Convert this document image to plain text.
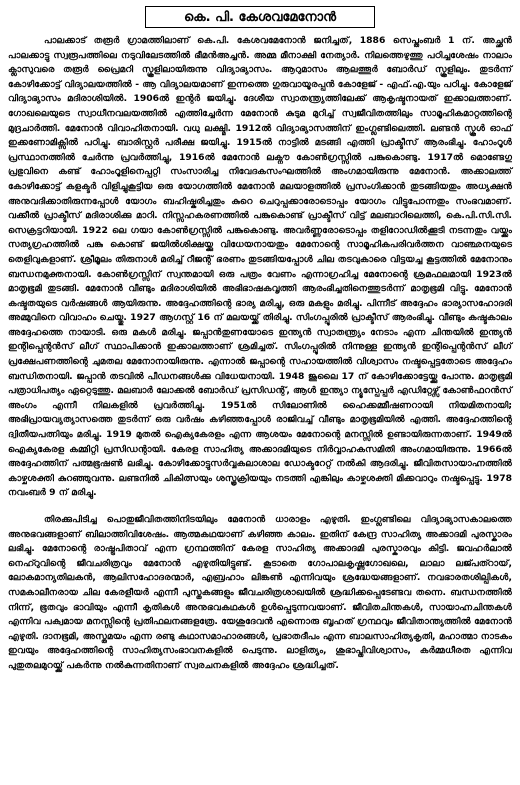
കെ. പി. കേശവമേനോൻ

പാലക്കാട് തരൂർ ഗ്രാമത്തിലാണ് കെ.പി. കേശവമേനോൻ ജനിച്ചത്, 1886 സെപ്തംബർ 1 ന്. അച്ഛൻ പാലക്കാട്ടു സ്വരൂപത്തിലെ നടുവിലേടത്തിൽ ഭീമൻഅച്ചൻ. അമ്മ മീനാക്ഷി നേത്യാർ. നിലത്തെഴുത്തു പഠിച്ചശേഷം നാലാം ക്ലാസുവരെ തരൂർ പ്രൈമറി സ്കൂളിലായിരുന്നു വിദ്യാഭ്യാസം. ആറുമാസം ആലത്തൂർ ബോർഡ് സ്കൂളിലും. തുടർന്ന് കോഴിക്കോട്ട് വിദ്യാലയത്തിൽ - ആ വിദ്യാലയമാണ് ഇന്നത്തെ ഗുരുവായൂരപ്പൻ കോളേജ് - എഫ്.എ.യും പഠിച്ചു. കോളേജ് വിദ്യാഭ്യാസം മദിരാശിയിൽ. 1906ൽ ഇന്റർ ജയിച്ചു. ദേശീയ സ്വാതന്ത്ര്യത്തിലേക്ക് ആകൃഷ്ടനായത് ഇക്കാലത്താണ്. ഗോഖലെയുടെ സ്വാധീനവലയത്തിൽ എത്തിച്ചേർന്ന മേനോൻ കുടുമ മുറിച്ച് സ്വജീവിതത്തിലും സാമൂഹികമാറ്റത്തിന്റെ മുദ്രചാർത്തി. മേനോൻ വിവാഹിതനായി. വധു ലക്ഷ്മി. 1912ൽ വിദ്യാഭ്യാസത്തിന് ഇംഗ്ലണ്ടിലെത്തി. ലണ്ടൻ സ്കൂൾ ഓഫ് ഇക്കണോമിക്സിൽ പഠിച്ചു. ബാരിസ്റ്റർ പരീക്ഷ ജയിച്ചു. 1915ൽ നാട്ടിൽ മടങ്ങി എത്തി പ്രാക്ടീസ് ആരംഭിച്ചു. ഹോംറൂൾ പ്രസ്ഥാനത്തിൽ ചേർന്നു പ്രവർത്തിച്ചു, 1916ൽ മേനോൻ ലക്നൗ കോൺഗ്രസ്സിൽ പങ്കുകൊണ്ടു. 1917ൽ മൊണ്ടേഗു പ്രഭുവിനെ കണ്ട് ഹോംറൂളിനെപ്പറ്റി സംസാരിച്ച നിവേദകസംഘത്തിൽ അംഗമായിരുന്നു മേനോൻ. അക്കാലത്ത് കോഴിക്കോട്ട് കളക്ടർ വിളിച്ചുകൂട്ടിയ ഒരു യോഗത്തിൽ മേനോൻ മലയാളത്തിൽ പ്രസംഗിക്കാൻ തുടങ്ങിയതും അധ്യക്ഷൻ അനുവദിക്കാതിരുന്നപ്പോൾ യോഗം ബഹിഷ്കരിച്ചതും കുറെ ചെറുപ്പക്കാരോടൊപ്പം യോഗം വിട്ടുപോന്നതും സംഭവമാണ്. വക്കീൽ പ്രാക്ടീസ് മദിരാശിക്കു മാറി. നിസ്സഹകരണത്തിൽ പങ്കുകൊണ്ട് പ്രാക്ടീസ് വിട്ട് മലബാറിലെത്തി, കെ.പി.സി.സി. സെക്രട്ടറിയായി. 1922 ലെ ഗയാ കോൺഗ്രസ്സിൽ പങ്കുകൊണ്ടു. അവർണ്ണരോടൊപ്പം തളിറോഡിൽക്കൂടി നടന്നതും വയ്ക്കം സത്യഗ്രഹത്തിൽ പങ്കു കൊണ്ട് ജയിൽശിക്ഷയ്ക്കു വിധേയനായതും മേനോന്റെ സാമൂഹികപരിവർത്തന വാഞ്ഛനയുടെ തെളിവുകളാണ്. ശ്രീമൂലം തിരുനാൾ മരിച്ച് റീജന്റ് ഭരണം തുടങ്ങിയപ്പോൾ ചില തടവുകാരെ വിട്ടയച്ച കൂട്ടത്തിൽ മേനോനും ബന്ധനമുക്തനായി. കോൺഗ്രസ്സിന് സ്വന്തമായി ഒരു പത്രം വേണം എന്നാഗ്രഹിച്ച മേനോന്റെ ശ്രമഫലമായി 1923ൽ മാതൃഭൂമി തുടങ്ങി. മേനോൻ വീണ്ടും മദിരാശിയിൽ അഭിഭാഷകവൃത്തി ആരംഭിച്ചതിനെത്തുടർന്ന് മാതൃഭൂമി വിട്ടു. മേനോൻ കഷ്ടതയുടെ വർഷങ്ങൾ ആയിരുന്നു. അദ്ദേഹത്തിന്റെ ഭാര്യ മരിച്ചു, ഒരു മകളും മരിച്ചു. പിന്നീട് അദ്ദേഹം ഭാര്യാസഹോദരി അമ്മുവിനെ വിവാഹം ചെയ്തു. 1927 ആഗസ്റ്റ് 16 ന് മലയയ്ക്ക് തിരിച്ചു. സിംഗപ്പൂരിൽ പ്രാക്ടീസ് ആരംഭിച്ചു. വീണ്ടും കഷ്ടകാലം അദ്ദേഹത്തെ നായാടി. ഒരു മകൾ മരിച്ചു. ജപ്പാൻതുണയോടെ ഇന്ത്യൻ സ്വാതന്ത്ര്യം നേടാം എന്ന ചിന്തയിൽ ഇന്ത്യൻ ഇന്റിപ്പെന്റൻസ് ലീഗ് സ്ഥാപിക്കാൻ ഇക്കാലത്താണ് ശ്രമിച്ചത്. സിംഗപ്പൂരിൽ നിന്നുള്ള ഇന്ത്യൻ ഇന്റിപ്പെന്റൻസ് ലീഗ് പ്രക്ഷേപണത്തിന്റെ ചുമതല മേനോനായിരുന്നു. എന്നാൽ ജപ്പാന്റെ സഹായത്തിൽ വിശ്വാസം നഷ്ടപ്പെട്ടതോടെ അദ്ദേഹം ബന്ധിതനായി. ജപ്പാൻ തടവിൽ പീഡനങ്ങൾക്കു വിധേയനായി. 1948 ജൂലൈ 17 ന് കോഴിക്കോട്ടേയ്ക്കു പോന്നു. മാതൃഭൂമി പത്രാധിപത്യം ഏറ്റെടുത്തു. മലബാർ ലോക്കൽ ബോർഡ് പ്രസിഡന്റ്, ആൾ ഇന്ത്യാ ന്യൂസ്പേപ്പർ എഡിറ്റേഴ്സ് കോൺഫറൻസ് അംഗം എന്നീ നിലകളിൽ പ്രവർത്തിച്ചു. 1951ൽ സിലോണിൽ ഹൈക്കമ്മീഷണറായി നിയമിതനായി; അഭിപ്രായവ്യത്യാസത്തെ തുടർന്ന് ഒരു വർഷം കഴിഞ്ഞപ്പോൾ രാജിവച്ച് വീണ്ടും മാതൃഭൂമിയിൽ എത്തി. അദ്ദേഹത്തിന്റെ ദ്വിതീയപത്നിയും മരിച്ചു. 1919 മുതൽ ഐക്യകേരളം എന്ന ആശയം മേനോന്റെ മനസ്സിൽ ഉണ്ടായിരുന്നതാണ്. 1949ൽ ഐക്യകേരള കമ്മിറ്റി പ്രസിഡന്റായി. കേരള സാഹിത്യ അക്കാദമിയുടെ നിർവ്വാഹകസമിതി അംഗമായിരുന്നു. 1966ൽ അദ്ദേഹത്തിന് പത്മഭൂഷൺ ലഭിച്ചു. കോഴിക്കോട്ടുസർവ്വകലാശാല ഡോക്ടറേറ്റ് നൽകി ആദരിച്ചു. ജീവിതസായാഹ്നത്തിൽ കാഴ്ചശക്തി കുറഞ്ഞുവന്നു. ലണ്ടനിൽ ചികിത്സയും ശസ്ത്രക്രിയയും നടത്തി എങ്കിലും കാഴ്ചശക്തി മിക്കവാറും നഷ്ടപ്പെട്ടു. 1978 നവംബർ 9 ന് മരിച്ചു.

തിരക്കുപിടിച്ച പൊതുജീവിതത്തിനിടയിലും മേനോൻ ധാരാളം എഴുതി. ഇംഗ്ലണ്ടിലെ വിദ്യാഭ്യാസകാലത്തെ അനുഭവങ്ങളാണ് ബിലാത്തിവിശേഷം. ആത്മകഥയാണ് കഴിഞ്ഞ കാലം. ഇതിന് കേന്ദ്ര സാഹിത്യ അക്കാദമി പുരസ്കാരം ലഭിച്ചു. മേനോന്റെ രാഷ്ട്രപിതാവ് എന്ന ഗ്രന്ഥത്തിന് കേരള സാഹിത്യ അക്കാദമി പുരസ്കാരവും കിട്ടി. ജവഹർലാൽ നെഹ്റുവിന്റെ ജീവചരിത്രവും മേനോൻ എഴുതിയിട്ടുണ്ട്. കൂടാതെ ഗോപാലകൃഷ്ണഗോഖലെ, ലാലാ ലജ്പത്റായ്, ലോകമാന്യതിലകൻ, ആലിസഹോദരന്മാർ, എബ്രഹാം ലിങ്കൺ എന്നിവയും ശ്രദ്ധേയങ്ങളാണ്. നവഭാരതശില്പികൾ, സമകാലീനരായ ചില കേരളീയർ എന്നീ പുസ്തകങ്ങളും ജീവചരിത്രശാഖയിൽ ശ്രദ്ധിക്കപ്പെടേണ്ടവ തന്നെ. ബന്ധനത്തിൽ നിന്ന്, ഭൂതവും ഭാവിയും എന്നീ കൃതികൾ അനുഭവകഥകൾ ഉൾപ്പെടുന്നവയാണ്. ജീവിതചിന്തകൾ, സായാഹ്നചിന്തകൾ എന്നിവ പക്വമായ മനസ്സിന്റെ പ്രതിഫലനങ്ങളത്രേ. യേശുദേവൻ എന്നൊരു ബൃഹത് ഗ്രന്ഥവും ജീവിതാന്ത്യത്തിൽ മേനോൻ എഴുതി. ദാനഭൂമി, അസ്തമയം എന്ന രണ്ടു കഥാസമാഹാരങ്ങൾ, പ്രഭാതദീപം എന്ന ബാലസാഹിത്യകൃതി, മഹാത്മാ നാടകം ഇവയും അദ്ദേഹത്തിന്റെ സാഹിത്യസംഭാവനകളിൽ പെടുന്നു. ലാളിത്യം, ശുഭാപ്തിവിശ്വാസം, കർമ്മധീരത എന്നിവ പുതുതലമുറയ്ക്ക് പകർന്നു നൽകുന്നതിനാണ് സ്വരചനകളിൽ അദ്ദേഹം ശ്രദ്ധിച്ചത്.
